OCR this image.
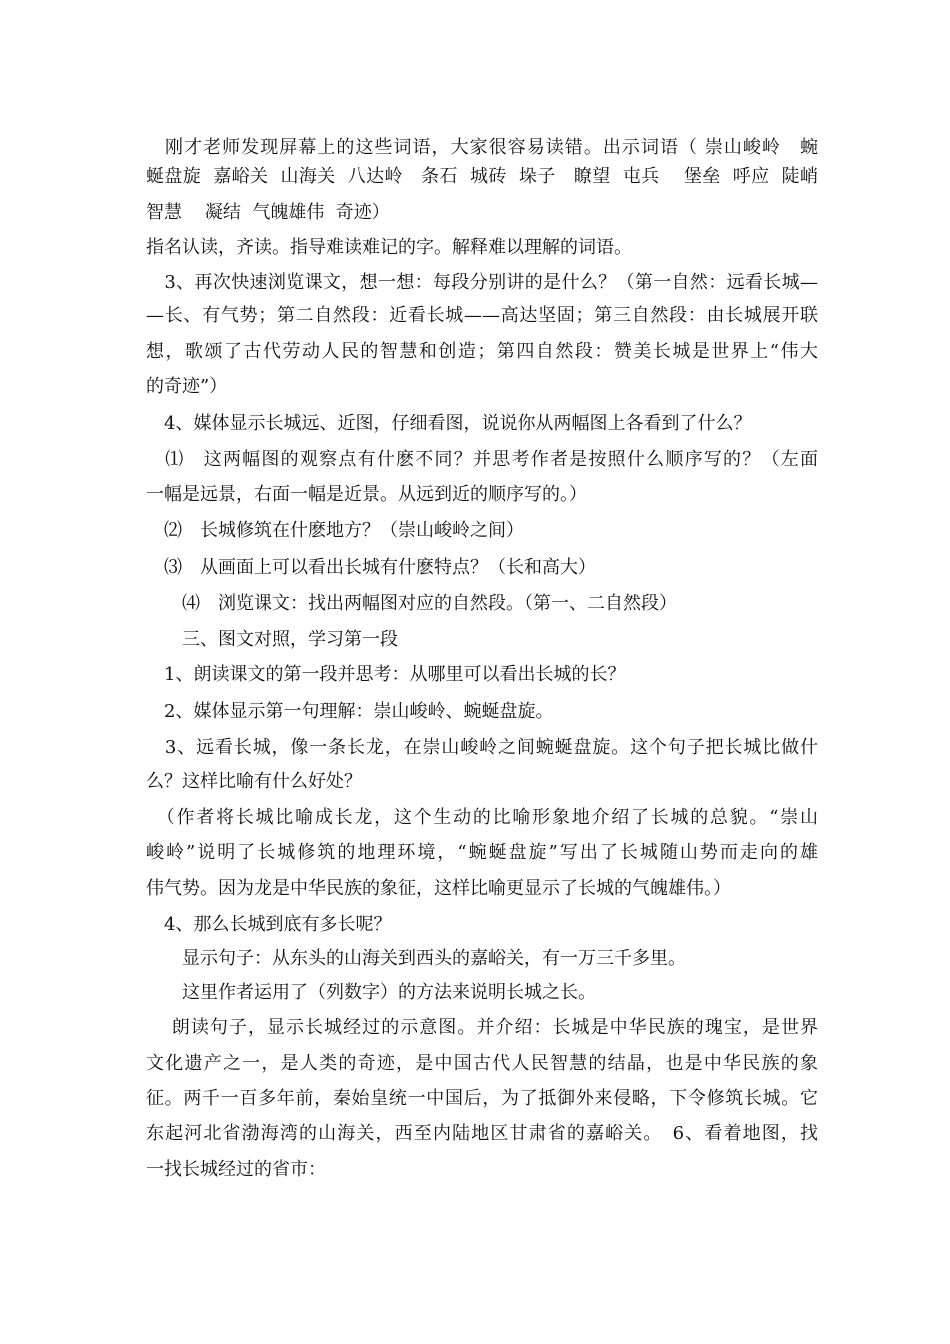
　刚才老师发现屏幕上的这些词语，大家很容易读错。出示词语（ 崇山峻岭　蜿
蜒盘旋  嘉峪关  山海关  八达岭   条石  城砖  垛子   瞭望  屯兵    堡垒  呼应  陡峭
智慧    凝结  气魄雄伟  奇迹）
指名认读，齐读。指导难读难记的字。解释难以理解的词语。
　3、再次快速浏览课文，想一想：每段分别讲的是什么？（第一自然：远看长城—
—长、有气势；第二自然段：近看长城——高达坚固；第三自然段：由长城展开联
想，歌颂了古代劳动人民的智慧和创造；第四自然段：赞美长城是世界上“伟大
的奇迹”）
　4、媒体显示长城远、近图，仔细看图，说说你从两幅图上各看到了什么？
　⑴　这两幅图的观察点有什麽不同？并思考作者是按照什么顺序写的？（左面
一幅是远景，右面一幅是近景。从远到近的顺序写的。）
　⑵　长城修筑在什麽地方？（崇山峻岭之间）
　⑶　从画面上可以看出长城有什麽特点？（长和高大）
　　⑷　浏览课文：找出两幅图对应的自然段。（第一、二自然段）
　　三、图文对照，学习第一段
　1、朗读课文的第一段并思考：从哪里可以看出长城的长？
　2、媒体显示第一句理解：崇山峻岭、蜿蜒盘旋。
　3、远看长城，像一条长龙，在崇山峻岭之间蜿蜒盘旋。这个句子把长城比做什
么？这样比喻有什么好处？
　（作者将长城比喻成长龙，这个生动的比喻形象地介绍了长城的总貌。“崇山
峻岭”说明了长城修筑的地理环境，“蜿蜒盘旋”写出了长城随山势而走向的雄
伟气势。因为龙是中华民族的象征，这样比喻更显示了长城的气魄雄伟。）
　4、那么长城到底有多长呢？
　　显示句子：从东头的山海关到西头的嘉峪关，有一万三千多里。
　　这里作者运用了（列数字）的方法来说明长城之长。
　 朗读句子，显示长城经过的示意图。并介绍：长城是中华民族的瑰宝，是世界
文化遗产之一，是人类的奇迹，是中国古代人民智慧的结晶，也是中华民族的象
征。两千一百多年前，秦始皇统一中国后，为了抵御外来侵略，下令修筑长城。它
东起河北省渤海湾的山海关，西至内陆地区甘肃省的嘉峪关。　6、看着地图，找
一找长城经过的省市：
